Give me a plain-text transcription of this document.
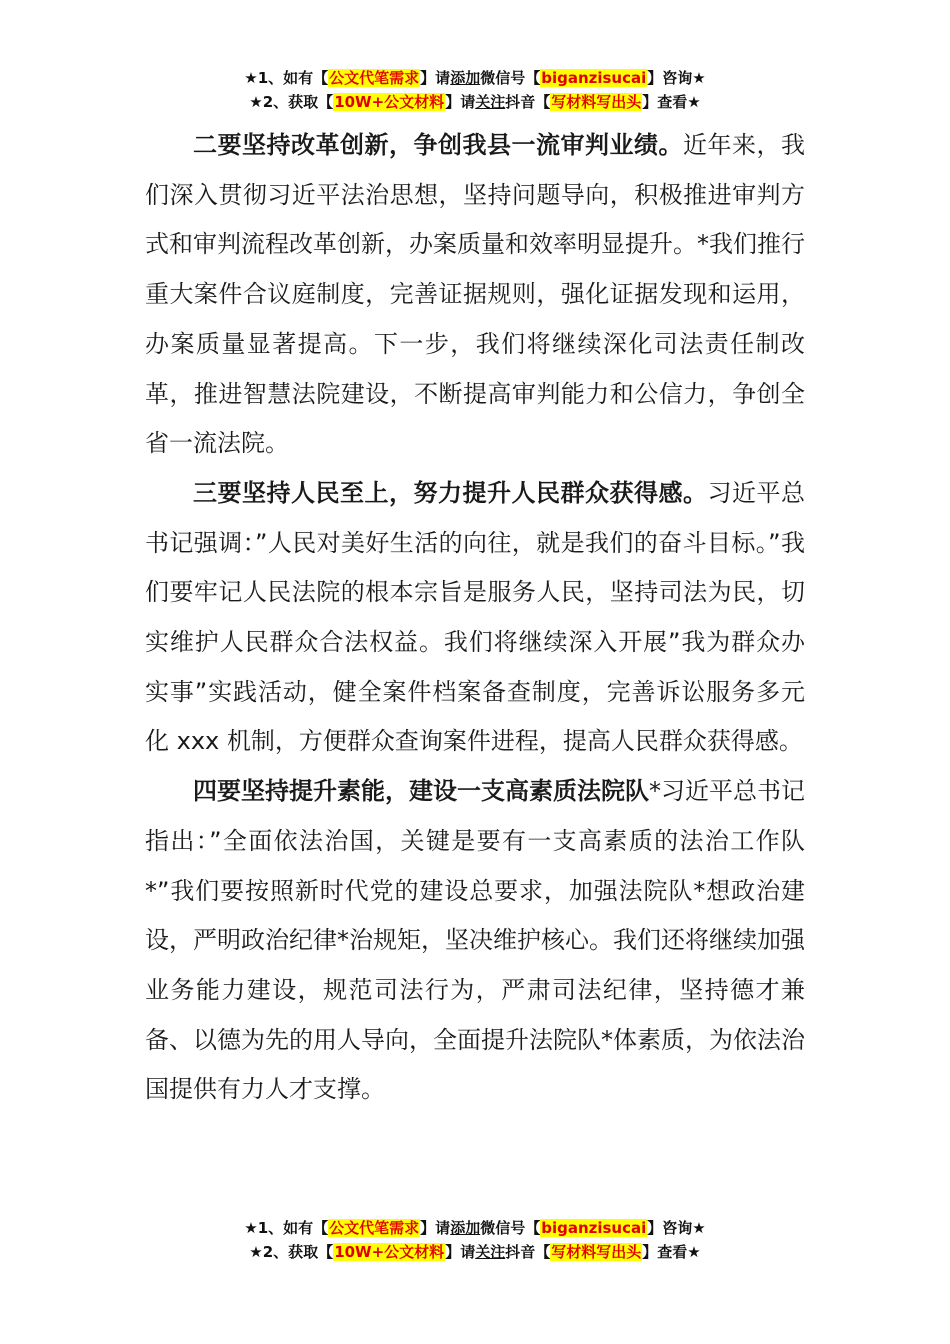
★1、如有【公文代笔需求】请添加微信号【biganzisucai】咨询★
★2、获取【10W+公文材料】请关注抖音【写材料写出头】查看★

二要坚持改革创新，争创我县一流审判业绩。近年来，我们深入贯彻习近平法治思想，坚持问题导向，积极推进审判方式和审判流程改革创新，办案质量和效率明显提升。*我们推行重大案件合议庭制度，完善证据规则，强化证据发现和运用，办案质量显著提高。下一步，我们将继续深化司法责任制改革，推进智慧法院建设，不断提高审判能力和公信力，争创全省一流法院。

三要坚持人民至上，努力提升人民群众获得感。习近平总书记强调：”人民对美好生活的向往，就是我们的奋斗目标。”我们要牢记人民法院的根本宗旨是服务人民，坚持司法为民，切实维护人民群众合法权益。我们将继续深入开展”我为群众办实事”实践活动，健全案件档案备查制度，完善诉讼服务多元化 xxx 机制，方便群众查询案件进程，提高人民群众获得感。

四要坚持提升素能，建设一支高素质法院队*习近平总书记指出：”全面依法治国，关键是要有一支高素质的法治工作队*”我们要按照新时代党的建设总要求，加强法院队*想政治建设，严明政治纪律*治规矩，坚决维护核心。我们还将继续加强业务能力建设，规范司法行为，严肃司法纪律，坚持德才兼备、以德为先的用人导向，全面提升法院队*体素质，为依法治国提供有力人才支撑。

★1、如有【公文代笔需求】请添加微信号【biganzisucai】咨询★
★2、获取【10W+公文材料】请关注抖音【写材料写出头】查看★
